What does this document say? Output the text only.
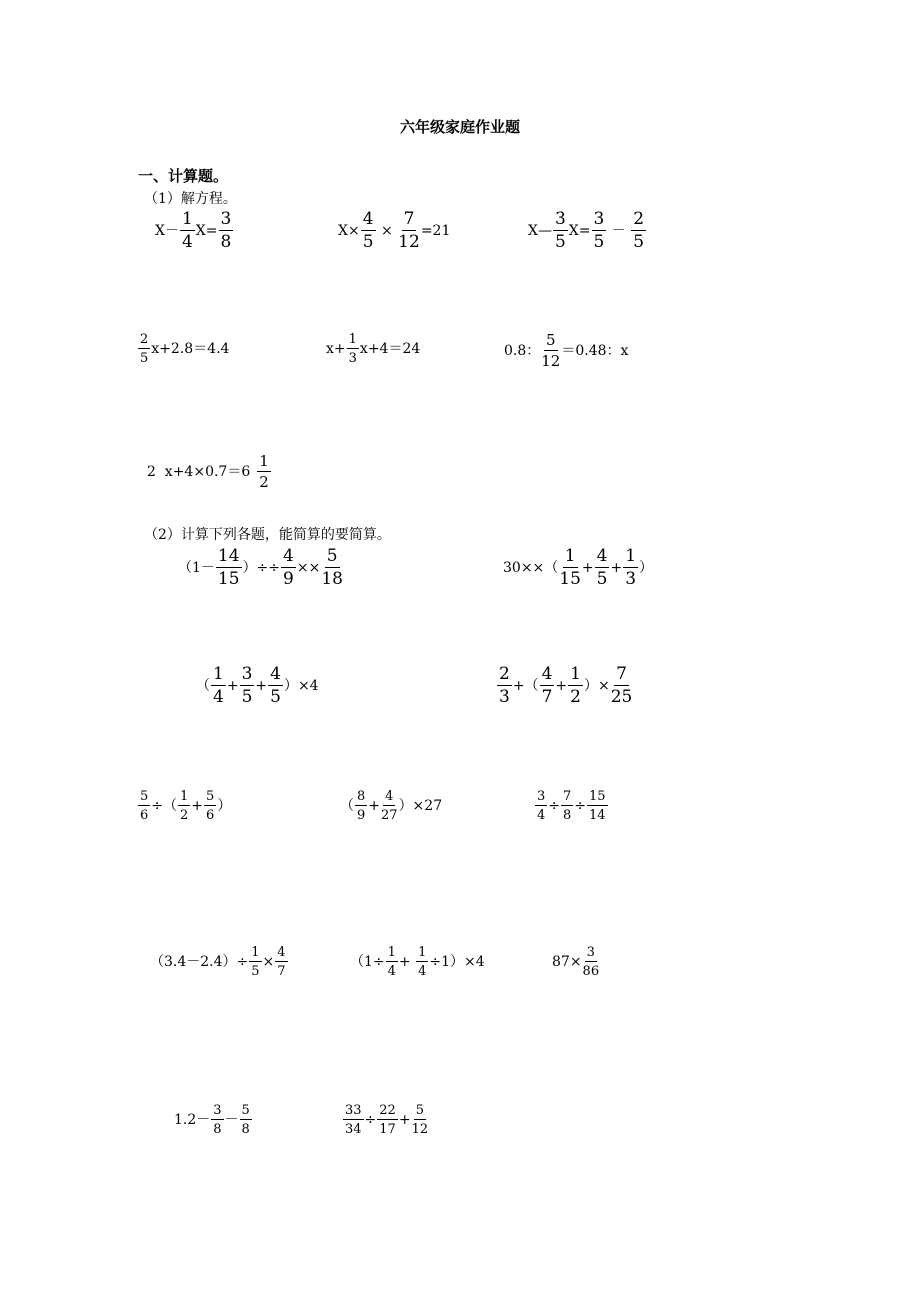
六年级家庭作业题
一、计算题。
（1）解方程。
X－
1
4
$X= \frac{3}{8}$	$X\times \frac{4}{5} \times \frac{7}{12} =21$	X—
3
5
$X= \frac{3}{5}$ －
2
5
2
5
x+2.8＝4.4	$x+ \frac{1}{3} x+4=24$	0.8：
5
12
＝0.48：x
2  x+4×0.7＝6
1
2
（2）计算下列各题，能简算的要简算。
（1－
14
15
）÷÷ $\frac{4}{9} \times\times \frac{5}{18}$	30××（
1
15
+ $\frac{4}{5} + \frac{1}{3}$ ）
（
1
4
+ $\frac{3}{5} + \frac{4}{5} )\times 4$
2
3
+（
4
7
+ $\frac{1}{2}$ ）× $\frac{7}{25}$
$\frac{5}{6}$ ÷（
1
2
+ $\frac{5}{6}$ ）	（
8
9
+ $\frac{4}{27} )\times 27$	$\frac{3}{4} \div \frac{7}{8} \div \frac{15}{14}$
$(3.4-2.4)\div \frac{1}{5} \times \frac{4}{7}$	$(1\div \frac{1}{4} + \frac{1}{4} \div 1)\times 4$	$87\times \frac{3}{86}$
1.2－
3
8
－
5
8	$\frac{33}{34} \div \frac{22}{17} + \frac{5}{12}$
